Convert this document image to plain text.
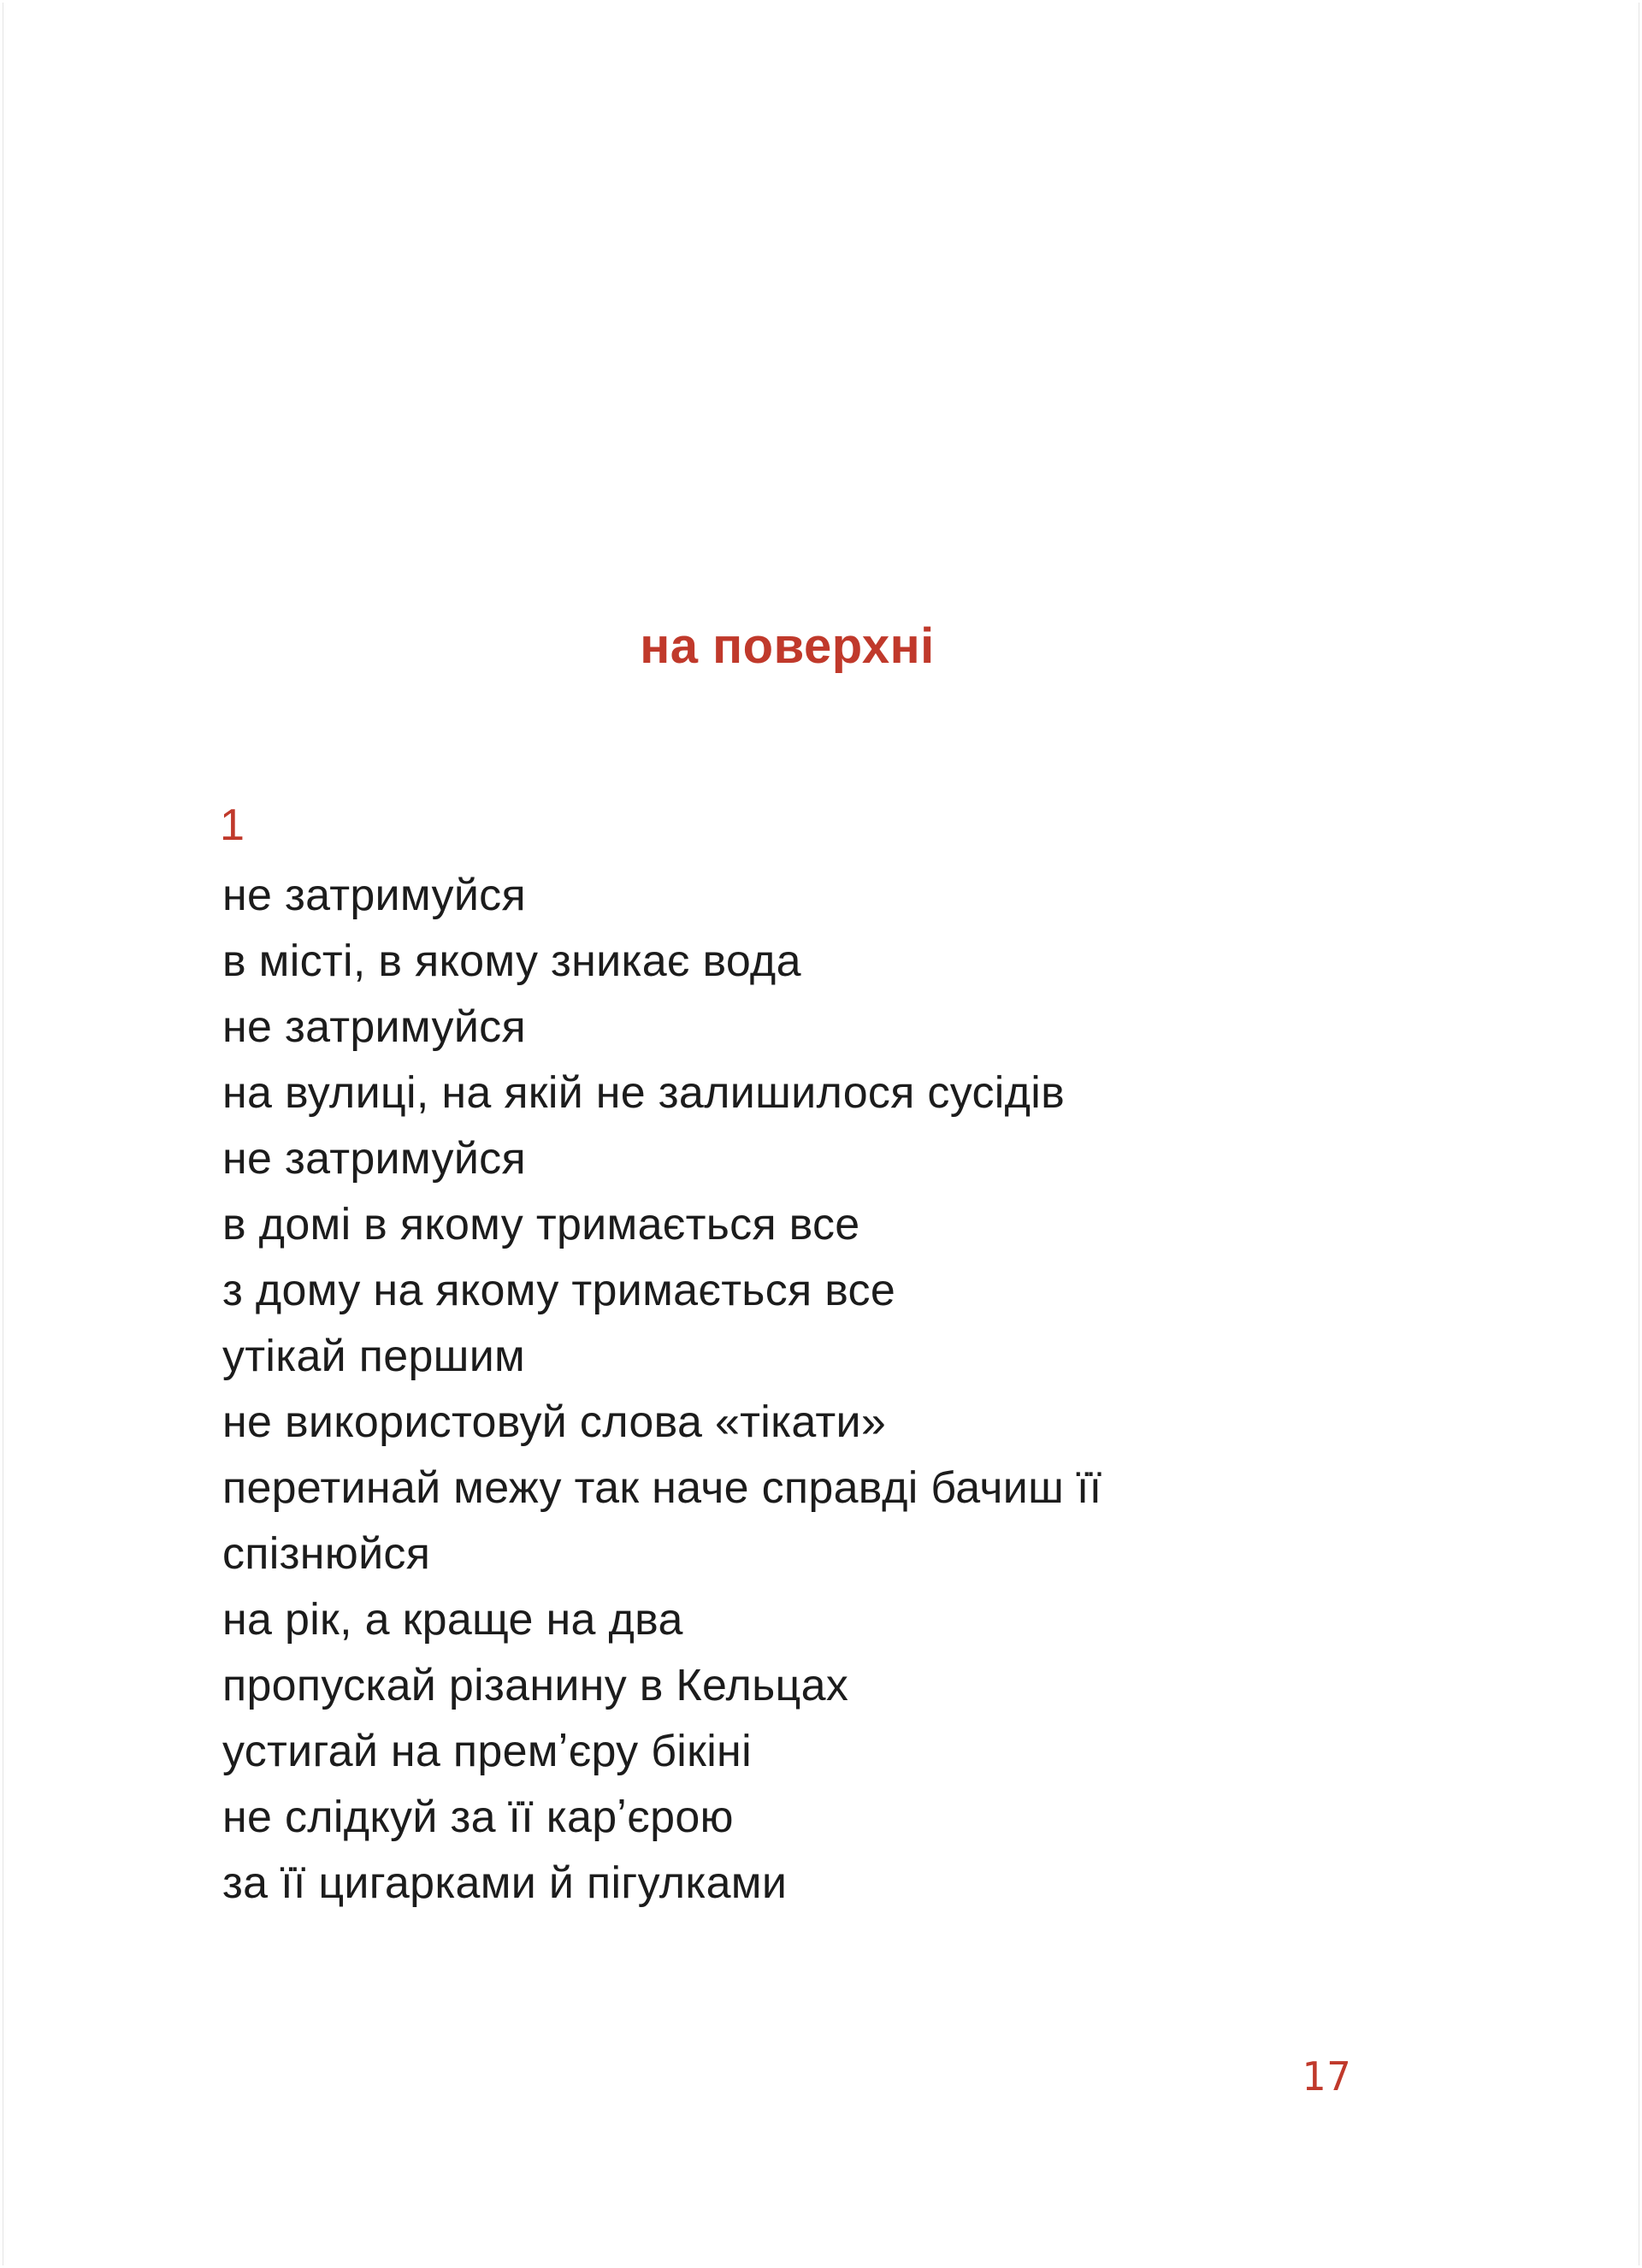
на поверхні
1
не затримуйся
в місті, в якому зникає вода
не затримуйся
на вулиці, на якій не залишилося сусідів
не затримуйся
в домі в якому тримається все
з дому на якому тримається все
утікай першим
не використовуй слова «тікати»
перетинай межу так наче справді бачиш її
спізнюйся
на рік, а краще на два
пропускай різанину в Кельцах
устигай на премʼєру бікіні
не слідкуй за її карʼєрою
за її цигарками й пігулками
17
